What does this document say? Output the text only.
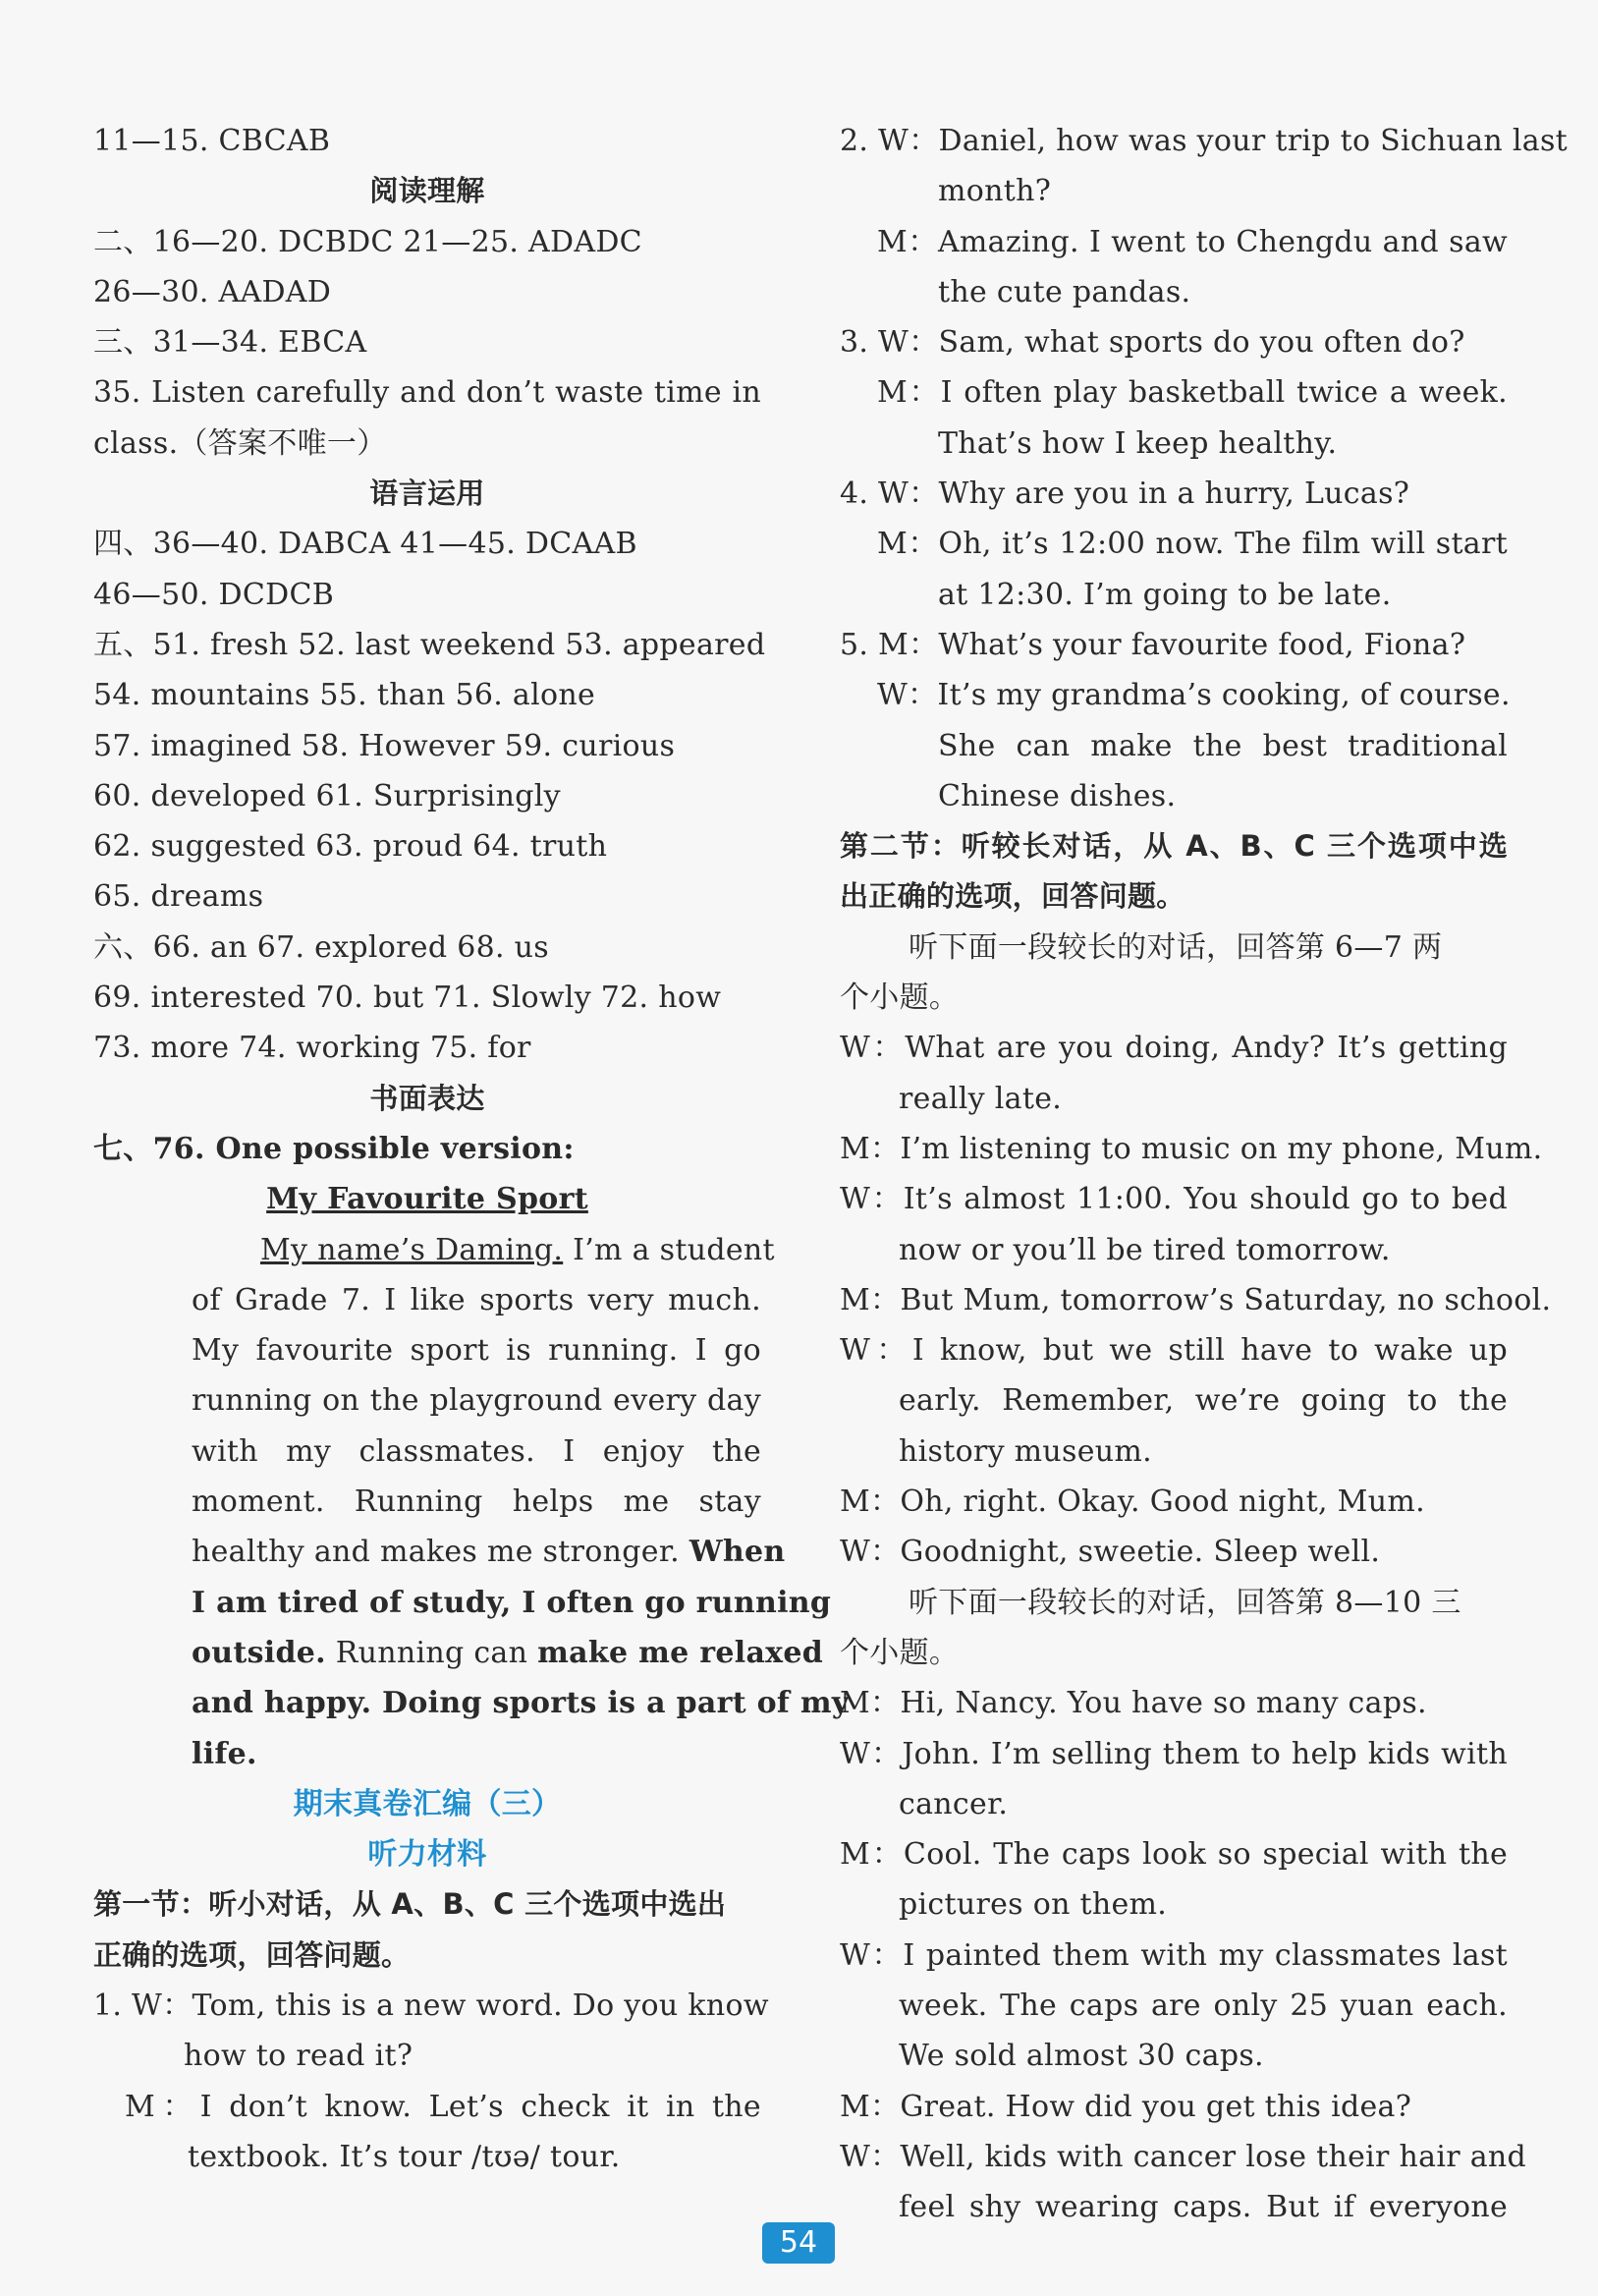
11—15. CBCAB
阅读理解
二、16—20. DCBDC 21—25. ADADC
26—30. AADAD
三、31—34. EBCA
35. Listen carefully and don’t waste time in
class.（答案不唯一）
语言运用
四、36—40. DABCA 41—45. DCAAB
46—50. DCDCB
五、51. fresh 52. last weekend 53. appeared
54. mountains 55. than 56. alone
57. imagined 58. However 59. curious
60. developed 61. Surprisingly
62. suggested 63. proud 64. truth
65. dreams
六、66. an 67. explored 68. us
69. interested 70. but 71. Slowly 72. how
73. more 74. working 75. for
书面表达
七、76. One possible version:
My Favourite Sport
My name’s Daming. I’m a student
of Grade 7. I like sports very much.
My favourite sport is running. I go
running on the playground every day
with my classmates. I enjoy the
moment. Running helps me stay
healthy and makes me stronger. When
I am tired of study, I often go running
outside. Running can make me relaxed
and happy. Doing sports is a part of my
life.
期末真卷汇编（三）
听力材料
第一节：听小对话，从 A、B、C 三个选项中选出
正确的选项，回答问题。
1. W：Tom, this is a new word. Do you know
how to read it?
M：I don’t know. Let’s check it in the
textbook. It’s tour /tʊə/ tour.
2. W：Daniel, how was your trip to Sichuan last
month?
M：Amazing. I went to Chengdu and saw
the cute pandas.
3. W：Sam, what sports do you often do?
M：I often play basketball twice a week.
That’s how I keep healthy.
4. W：Why are you in a hurry, Lucas?
M：Oh, it’s 12:00 now. The film will start
at 12:30. I’m going to be late.
5. M：What’s your favourite food, Fiona?
W：It’s my grandma’s cooking, of course.
She can make the best traditional
Chinese dishes.
第二节：听较长对话，从 A、B、C 三个选项中选
出正确的选项，回答问题。
听下面一段较长的对话，回答第 6—7 两
个小题。
W：What are you doing, Andy? It’s getting
really late.
M：I’m listening to music on my phone, Mum.
W：It’s almost 11:00. You should go to bed
now or you’ll be tired tomorrow.
M：But Mum, tomorrow’s Saturday, no school.
W：I know, but we still have to wake up
early. Remember, we’re going to the
history museum.
M：Oh, right. Okay. Good night, Mum.
W：Goodnight, sweetie. Sleep well.
听下面一段较长的对话，回答第 8—10 三
个小题。
M：Hi, Nancy. You have so many caps.
W：John. I’m selling them to help kids with
cancer.
M：Cool. The caps look so special with the
pictures on them.
W：I painted them with my classmates last
week. The caps are only 25 yuan each.
We sold almost 30 caps.
M：Great. How did you get this idea?
W：Well, kids with cancer lose their hair and
feel shy wearing caps. But if everyone
54
